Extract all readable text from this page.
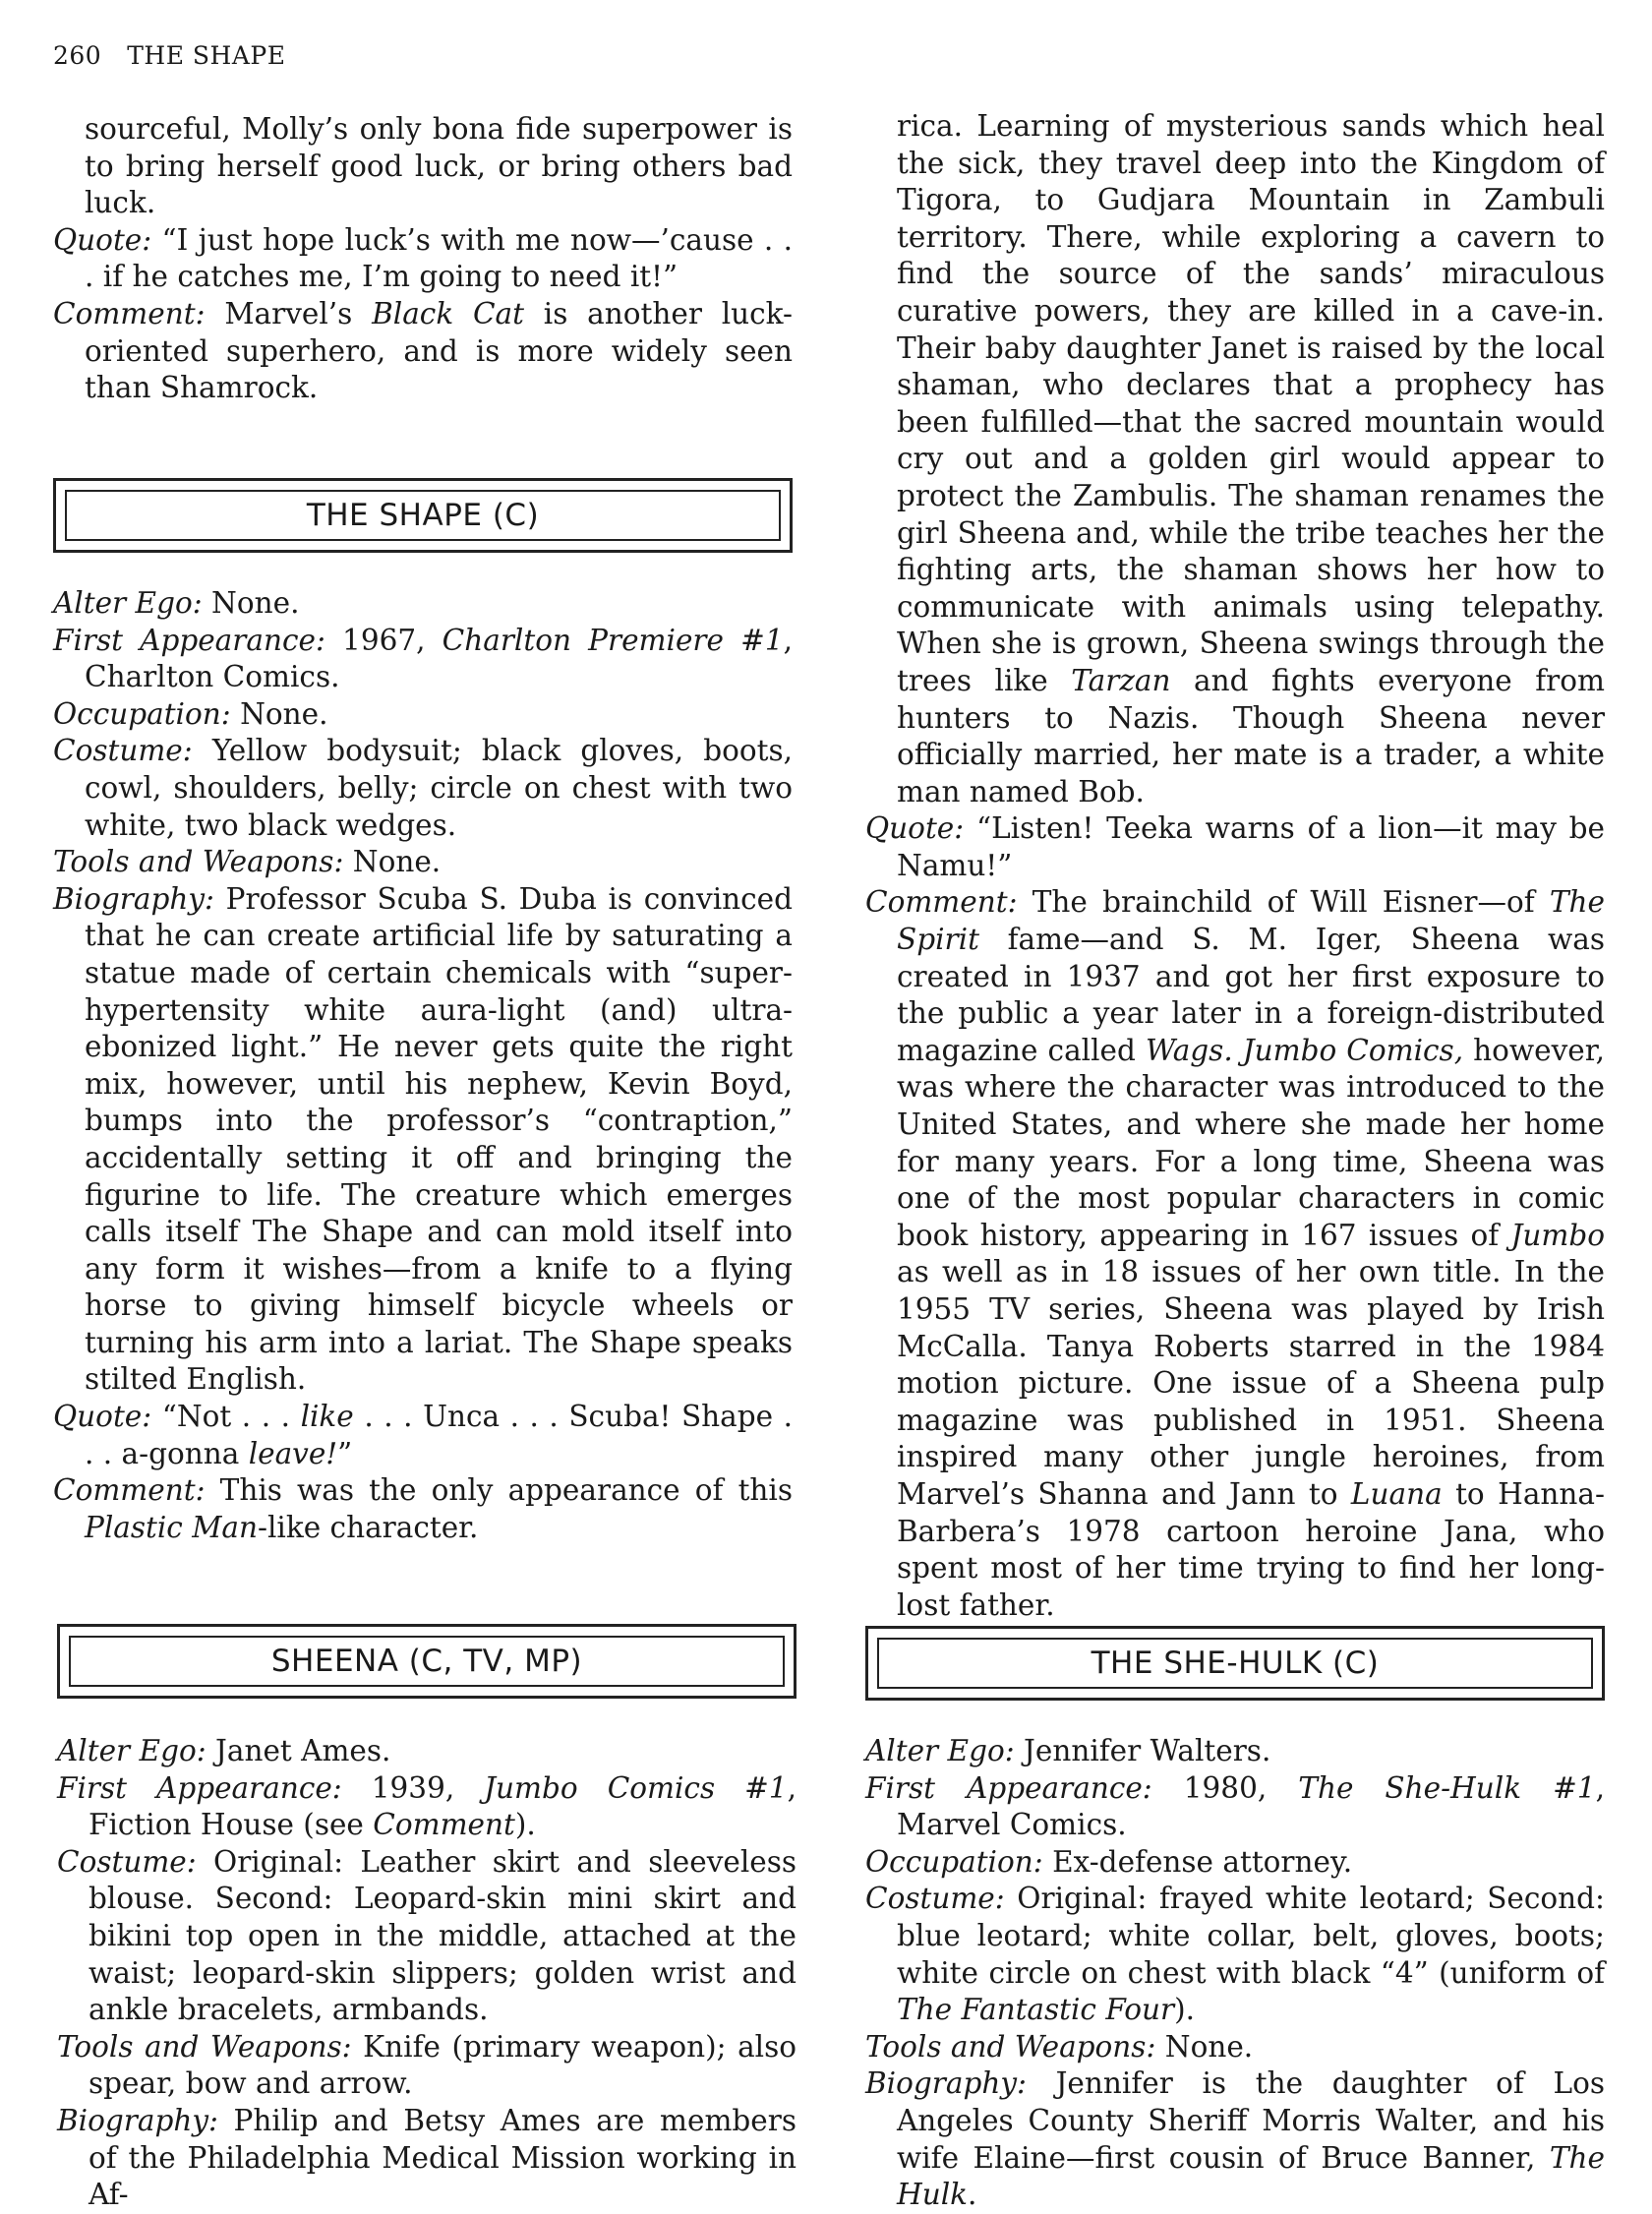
260 THE SHAPE

sourceful, Molly’s only bona fide superpower is to bring herself good luck, or bring others bad luck.

Quote: “I just hope luck’s with me now—’cause . . . if he catches me, I’m going to need it!”

Comment: Marvel’s Black Cat is another luck-oriented superhero, and is more widely seen than Shamrock.

THE SHAPE (C)

Alter Ego: None.

First Appearance: 1967, Charlton Premiere #1, Charlton Comics.

Occupation: None.

Costume: Yellow bodysuit; black gloves, boots, cowl, shoulders, belly; circle on chest with two white, two black wedges.

Tools and Weapons: None.

Biography: Professor Scuba S. Duba is convinced that he can create artificial life by saturating a statue made of certain chemicals with “super-hypertensity white aura-light (and) ultra-ebonized light.” He never gets quite the right mix, however, until his nephew, Kevin Boyd, bumps into the professor’s “contraption,” accidentally setting it off and bringing the figurine to life. The creature which emerges calls itself The Shape and can mold itself into any form it wishes—from a knife to a flying horse to giving himself bicycle wheels or turning his arm into a lariat. The Shape speaks stilted English.

Quote: “Not . . . like . . . Unca . . . Scuba! Shape . . . a-gonna leave!”

Comment: This was the only appearance of this Plastic Man-like character.

SHEENA (C, TV, MP)

Alter Ego: Janet Ames.

First Appearance: 1939, Jumbo Comics #1, Fiction House (see Comment).

Costume: Original: Leather skirt and sleeveless blouse. Second: Leopard-skin mini skirt and bikini top open in the middle, attached at the waist; leopard-skin slippers; golden wrist and ankle bracelets, armbands.

Tools and Weapons: Knife (primary weapon); also spear, bow and arrow.

Biography: Philip and Betsy Ames are members of the Philadelphia Medical Mission working in Af-

rica. Learning of mysterious sands which heal the sick, they travel deep into the Kingdom of Tigora, to Gudjara Mountain in Zambuli territory. There, while exploring a cavern to find the source of the sands’ miraculous curative powers, they are killed in a cave-in. Their baby daughter Janet is raised by the local shaman, who declares that a prophecy has been fulfilled—that the sacred mountain would cry out and a golden girl would appear to protect the Zambulis. The shaman renames the girl Sheena and, while the tribe teaches her the fighting arts, the shaman shows her how to communicate with animals using telepathy. When she is grown, Sheena swings through the trees like Tarzan and fights everyone from hunters to Nazis. Though Sheena never officially married, her mate is a trader, a white man named Bob.

Quote: “Listen! Teeka warns of a lion—it may be Namu!”

Comment: The brainchild of Will Eisner—of The Spirit fame—and S. M. Iger, Sheena was created in 1937 and got her first exposure to the public a year later in a foreign-distributed magazine called Wags. Jumbo Comics, however, was where the character was introduced to the United States, and where she made her home for many years. For a long time, Sheena was one of the most popular characters in comic book history, appearing in 167 issues of Jumbo as well as in 18 issues of her own title. In the 1955 TV series, Sheena was played by Irish McCalla. Tanya Roberts starred in the 1984 motion picture. One issue of a Sheena pulp magazine was published in 1951. Sheena inspired many other jungle heroines, from Marvel’s Shanna and Jann to Luana to Hanna-Barbera’s 1978 cartoon heroine Jana, who spent most of her time trying to find her long-lost father.

THE SHE-HULK (C)

Alter Ego: Jennifer Walters.

First Appearance: 1980, The She-Hulk #1, Marvel Comics.

Occupation: Ex-defense attorney.

Costume: Original: frayed white leotard; Second: blue leotard; white collar, belt, gloves, boots; white circle on chest with black “4” (uniform of The Fantastic Four).

Tools and Weapons: None.

Biography: Jennifer is the daughter of Los Angeles County Sheriff Morris Walter, and his wife Elaine—first cousin of Bruce Banner, The Hulk.
